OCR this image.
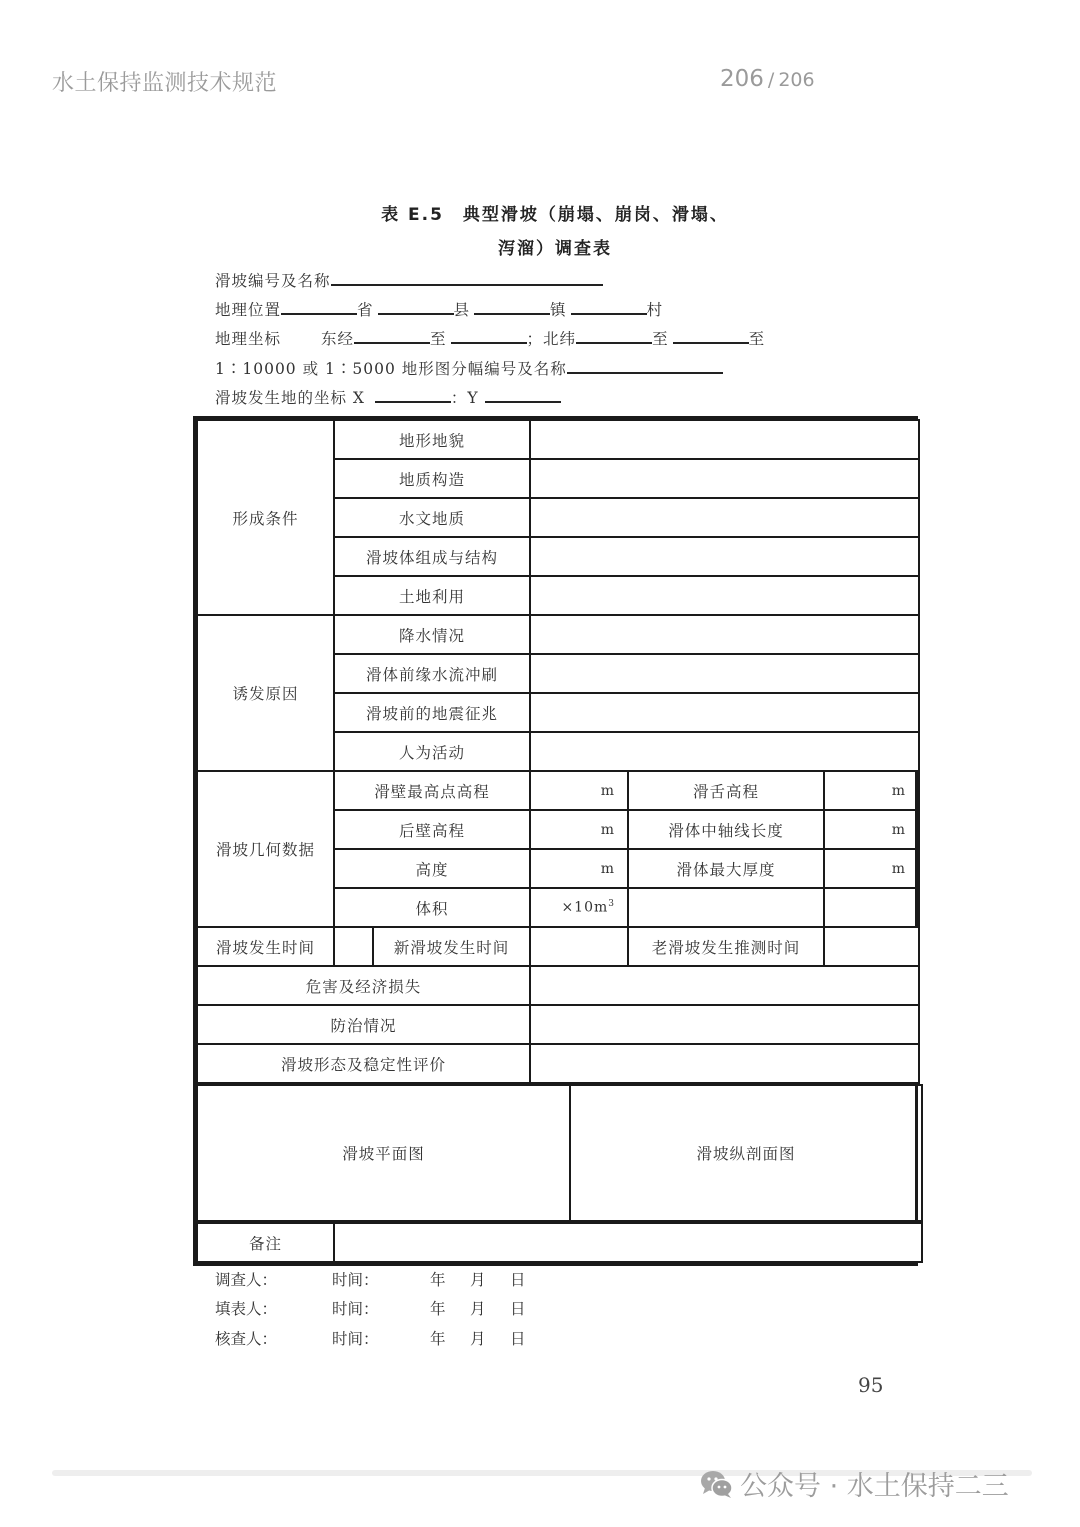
水土保持监测技术规范	206 / 206
表 E.5　典型滑坡（崩塌、崩岗、滑塌、
泻溜）调查表
滑坡编号及名称
地理位置	省	县	镇	村
地理坐标	东经	至	；北纬	至	至
1∶10000 或 1∶5000 地形图分幅编号及名称
滑坡发生地的坐标 X	：Y
形成条件	地形地貌				
	地质构造				
	水文地质				
	滑坡体组成与结构				
	土地利用				
诱发原因	降水情况				
	滑体前缘水流冲刷				
	滑坡前的地震征兆				
	人为活动				
滑坡几何数据	滑壁最高点高程		m	滑舌高程	m
	后壁高程		m	滑体中轴线长度	m
	高度		m	滑体最大厚度	m
	体积		$\times 10m^3$		
滑坡发生时间		新滑坡发生时间		老滑坡发生推测时间	
危害及经济损失					
防治情况					
滑坡形态及稳定性评价					
滑坡平面图	滑坡纵剖面图
备注	
调查人：	时间：	年 月 日
填表人：	时间：	年 月 日
核查人：	时间：	年 月 日
95
公众号 · 水土保持二三
